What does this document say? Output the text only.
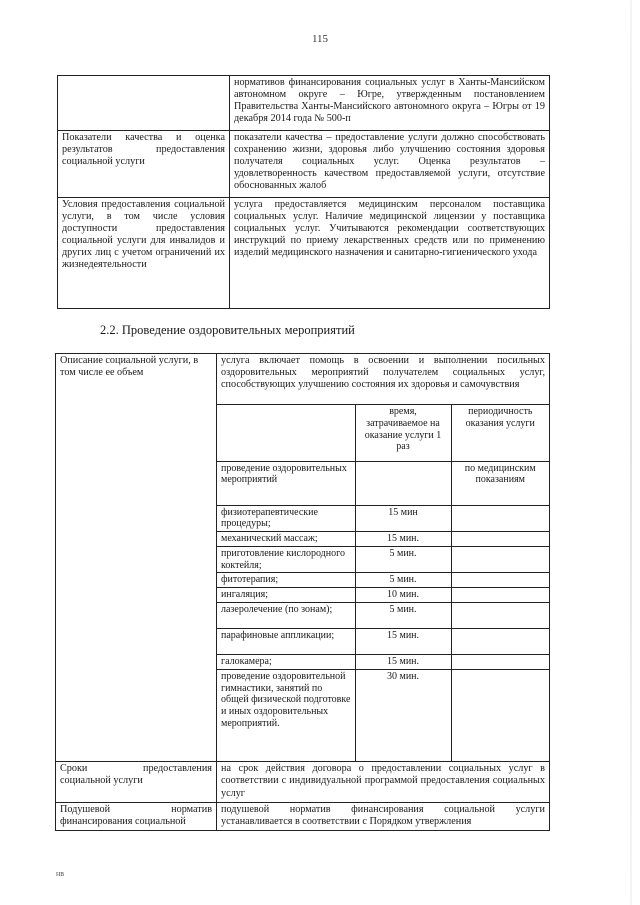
115
	нормативов финансирования социальных услуг в Ханты-Мансийском автономном округе – Югре, утвержденным постановлением Правительства Ханты-Мансийского автономного округа – Югры от 19 декабря 2014 года № 500-п
Показатели качества и оценка результатов предоставления социальной услуги	показатели качества – предоставление услуги должно способствовать сохранению жизни, здоровья либо улучшению состояния здоровья получателя социальных услуг. Оценка результатов – удовлетворенность качеством предоставляемой услуги, отсутствие обоснованных жалоб
Условия предоставления социальной услуги, в том числе условия доступности предоставления социальной услуги для инвалидов и других лиц с учетом ограничений их жизнедеятельности	услуга предоставляется медицинским персоналом поставщика социальных услуг. Наличие медицинской лицензии у поставщика социальных услуг. Учитываются рекомендации соответствующих инструкций по приему лекарственных средств или по применению изделий медицинского назначения и санитарно-гигиенического ухода
2.2. Проведение оздоровительных мероприятий
Описание социальной услуги, в том числе ее объем	услуга включает помощь в освоении и выполнении посильных оздоровительных мероприятий получателем социальных услуг, способствующих улучшению состояния их здоровья и самочувствия

	время, затрачиваемое на оказание услуги 1 раз	периодичность оказания услуги
проведение оздоровительных мероприятий		по медицинским показаниям
физиотерапевтические процедуры;	15 мин	
механический массаж;	15 мин.	
приготовление кислородного коктейля;	5 мин.	
фитотерапия;	5 мин.	
ингаляция;	10 мин.	
лазеролечение (по зонам);	5 мин.	
парафиновые аппликации;	15 мин.	
галокамера;	15 мин.	
проведение оздоровительной гимнастики, занятий по общей физической подготовке и иных оздоровительных мероприятий.	30 мин.	

Сроки предоставления социальной услуги	на срок действия договора о предоставлении социальных услуг в соответствии с индивидуальной программой предоставления социальных услуг
Подушевой норматив финансирования социальной	подушевой норматив финансирования социальной услуги устанавливается в соответствии с Порядком утвержления
нв
